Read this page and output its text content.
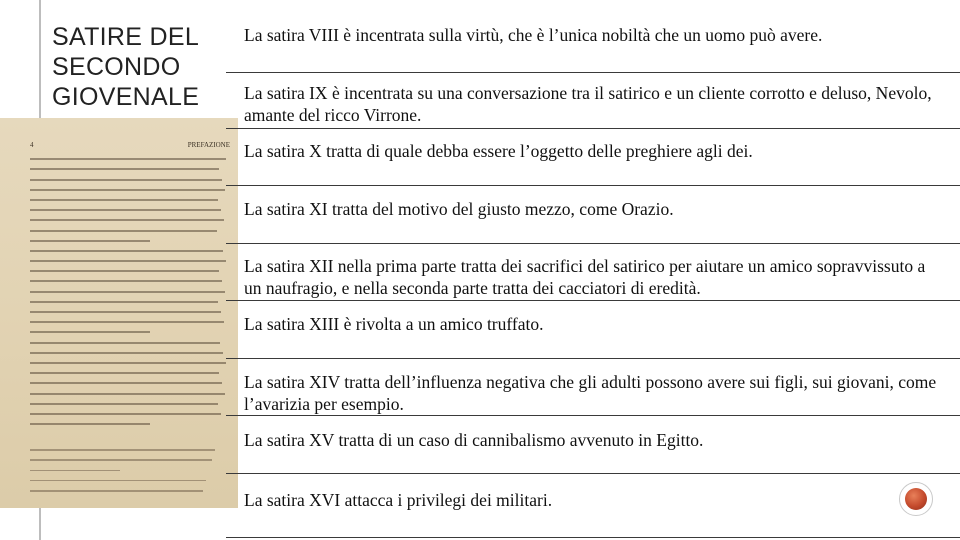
SATIRE DEL
SECONDO
GIOVENALE
4	PREFAZIONE
La satira VIII è incentrata sulla virtù, che è l’unica nobiltà che un uomo può avere.
La satira IX è incentrata su una conversazione tra il satirico e un cliente corrotto e deluso, Nevolo, amante del ricco Virrone.
La satira X tratta di quale debba essere l’oggetto delle preghiere agli dei.
La satira XI tratta del motivo del giusto mezzo, come Orazio.
La satira XII nella prima parte tratta dei sacrifici del satirico per aiutare un amico sopravvissuto a un naufragio, e nella seconda parte tratta dei cacciatori di eredità.
La satira XIII è rivolta a un amico truffato.
La satira XIV tratta dell’influenza negativa che gli adulti possono avere sui figli, sui giovani, come l’avarizia per esempio.
La satira XV tratta di un caso di cannibalismo avvenuto in Egitto.
La satira XVI attacca i privilegi dei militari.
